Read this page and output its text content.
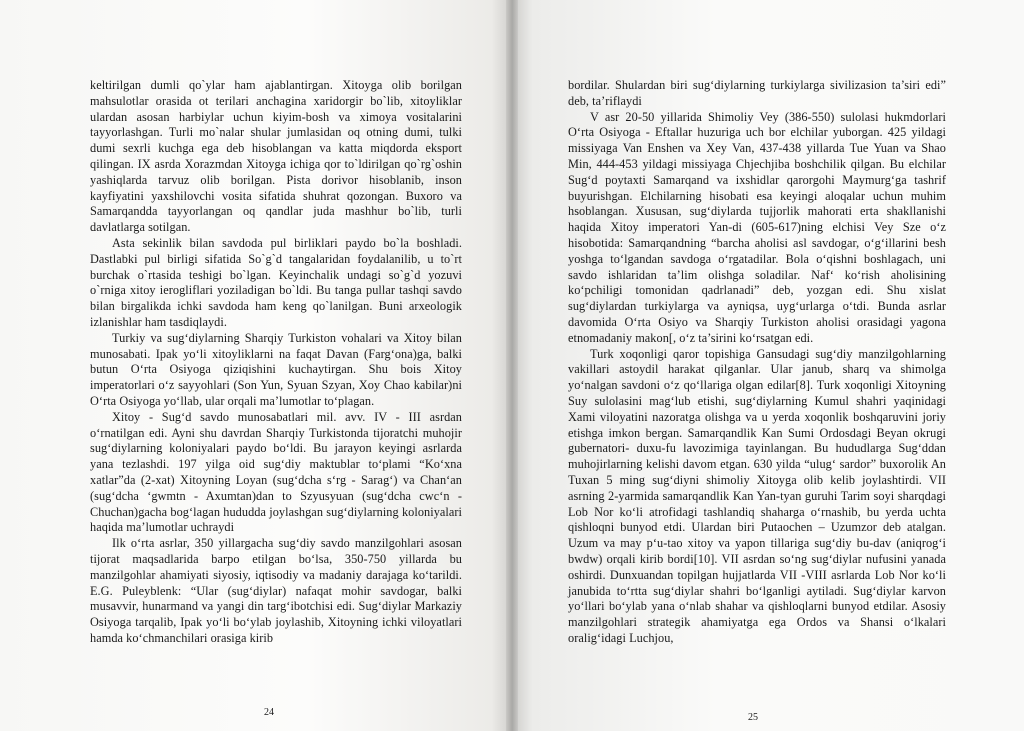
keltirilgan dumli qo`ylar ham ajablantirgan. Xitoyga olib borilgan mahsulotlar orasida ot terilari anchagina xaridorgir bo`lib, xitoyliklar ulardan asosan harbiylar uchun kiyim-bosh va ximoya vositalarini tayyorlashgan. Turli mo`nalar shular jumlasidan oq otning dumi, tulki dumi sexrli kuchga ega deb hisoblangan va katta miqdorda eksport qilingan. IX asrda Xorazmdan Xitoyga ichiga qor to`ldirilgan qo`rg`oshin yashiqlarda tarvuz olib borilgan. Pista dorivor hisoblanib, inson kayfiyatini yaxshilovchi vosita sifatida shuhrat qozongan. Buxoro va Samarqandda tayyorlangan oq qandlar juda mashhur bo`lib, turli davlatlarga sotilgan.

Asta sekinlik bilan savdoda pul birliklari paydo bo`la boshladi. Dastlabki pul birligi sifatida So`g`d tangalaridan foydalanilib, u to`rt burchak o`rtasida teshigi bo`lgan. Keyinchalik undagi so`g`d yozuvi o`rniga xitoy ierogliflari yoziladigan bo`ldi. Bu tanga pullar tashqi savdo bilan birgalikda ichki savdoda ham keng qo`lanilgan. Buni arxeologik izlanishlar ham tasdiqlaydi.

Turkiy va sug‘diylarning Sharqiy Turkiston vohalari va Xitoy bilan munosabati. Ipak yo‘li xitoyliklarni na faqat Davan (Farg‘ona)ga, balki butun O‘rta Osiyoga qiziqishini kuchaytirgan. Shu bois Xitoy imperatorlari o‘z sayyohlari (Son Yun, Syuan Szyan, Xoy Chao kabilar)ni O‘rta Osiyoga yo‘llab, ular orqali ma’lumotlar to‘plagan.

Xitoy - Sug‘d savdo munosabatlari mil. avv. IV - III asrdan o‘rnatilgan edi. Ayni shu davrdan Sharqiy Turkistonda tijoratchi muhojir sug‘diylarning koloniyalari paydo bo‘ldi. Bu jarayon keyingi asrlarda yana tezlashdi. 197 yilga oid sug‘diy maktublar to‘plami “Ko‘xna xatlar”da (2-xat) Xitoyning Loyan (sug‘dcha s‘rg - Sarag‘) va Chan‘an (sug‘dcha ‘gwmtn - Axumtan)dan to Szyusyuan (sug‘dcha cwc‘n - Chuchan)gacha bog‘lagan hududda joylashgan sug‘diylarning koloniyalari haqida ma’lumotlar uchraydi

Ilk o‘rta asrlar, 350 yillargacha sug‘diy savdo manzilgohlari asosan tijorat maqsadlarida barpo etilgan bo‘lsa, 350-750 yillarda bu manzilgohlar ahamiyati siyosiy, iqtisodiy va madaniy darajaga ko‘tarildi. E.G. Puleyblenk: “Ular (sug‘diylar) nafaqat mohir savdogar, balki musavvir, hunarmand va yangi din targ‘ibotchisi edi. Sug‘diylar Markaziy Osiyoga tarqalib, Ipak yo‘li bo‘ylab joylashib, Xitoyning ichki viloyatlari hamda ko‘chmanchilari orasiga kirib

24

bordilar. Shulardan biri sug‘diylarning turkiylarga sivilizasion ta’siri edi” deb, ta’riflaydi

V asr 20-50 yillarida Shimoliy Vey (386-550) sulolasi hukmdorlari O‘rta Osiyoga - Eftallar huzuriga uch bor elchilar yuborgan. 425 yildagi missiyaga Van Enshen va Xey Van, 437-438 yillarda Tue Yuan va Shao Min, 444-453 yildagi missiyaga Chjechjiba boshchilik qilgan. Bu elchilar Sug‘d poytaxti Samarqand va ixshidlar qarorgohi Maymurg‘ga tashrif buyurishgan. Elchilarning hisobati esa keyingi aloqalar uchun muhim hsoblangan. Xususan, sug‘diylarda tujjorlik mahorati erta shakllanishi haqida Xitoy imperatori Yan-di (605-617)ning elchisi Vey Sze o‘z hisobotida: Samarqandning “barcha aholisi asl savdogar, o‘g‘illarini besh yoshga to‘lgandan savdoga o‘rgatadilar. Bola o‘qishni boshlagach, uni savdo ishlaridan ta’lim olishga soladilar. Naf‘ ko‘rish aholisining ko‘pchiligi tomonidan qadrlanadi” deb, yozgan edi. Shu xislat sug‘diylardan turkiylarga va ayniqsa, uyg‘urlarga o‘tdi. Bunda asrlar davomida O‘rta Osiyo va Sharqiy Turkiston aholisi orasidagi yagona etnomadaniy makon[, o‘z ta’sirini ko‘rsatgan edi.

Turk xoqonligi qaror topishiga Gansudagi sug‘diy manzilgohlarning vakillari astoydil harakat qilganlar. Ular janub, sharq va shimolga yo‘nalgan savdoni o‘z qo‘llariga olgan edilar[8]. Turk xoqonligi Xitoyning Suy sulolasini mag‘lub etishi, sug‘diylarning Kumul shahri yaqinidagi Xami viloyatini nazoratga olishga va u yerda xoqonlik boshqaruvini joriy etishga imkon bergan. Samarqandlik Kan Sumi Ordosdagi Beyan okrugi gubernatori- duxu-fu lavozimiga tayinlangan. Bu hududlarga Sug‘ddan muhojirlarning kelishi davom etgan. 630 yilda “ulug‘ sardor” buxorolik An Tuxan 5 ming sug‘diyni shimoliy Xitoyga olib kelib joylashtirdi. VII asrning 2-yarmida samarqandlik Kan Yan-tyan guruhi Tarim soyi sharqdagi Lob Nor ko‘li atrofidagi tashlandiq shaharga o‘rnashib, bu yerda uchta qishloqni bunyod etdi. Ulardan biri Putaochen – Uzumzor deb atalgan. Uzum va may p‘u-tao xitoy va yapon tillariga sug‘diy bu-dav (aniqrog‘i bwdw) orqali kirib bordi[10]. VII asrdan so‘ng sug‘diylar nufusini yanada oshirdi. Dunxuandan topilgan hujjatlarda VII -VIII asrlarda Lob Nor ko‘li janubida to‘rtta sug‘diylar shahri bo‘lganligi aytiladi. Sug‘diylar karvon yo‘llari bo‘ylab yana o‘nlab shahar va qishloqlarni bunyod etdilar. Asosiy manzilgohlari strategik ahamiyatga ega Ordos va Shansi o‘lkalari oralig‘idagi Luchjou,

25
